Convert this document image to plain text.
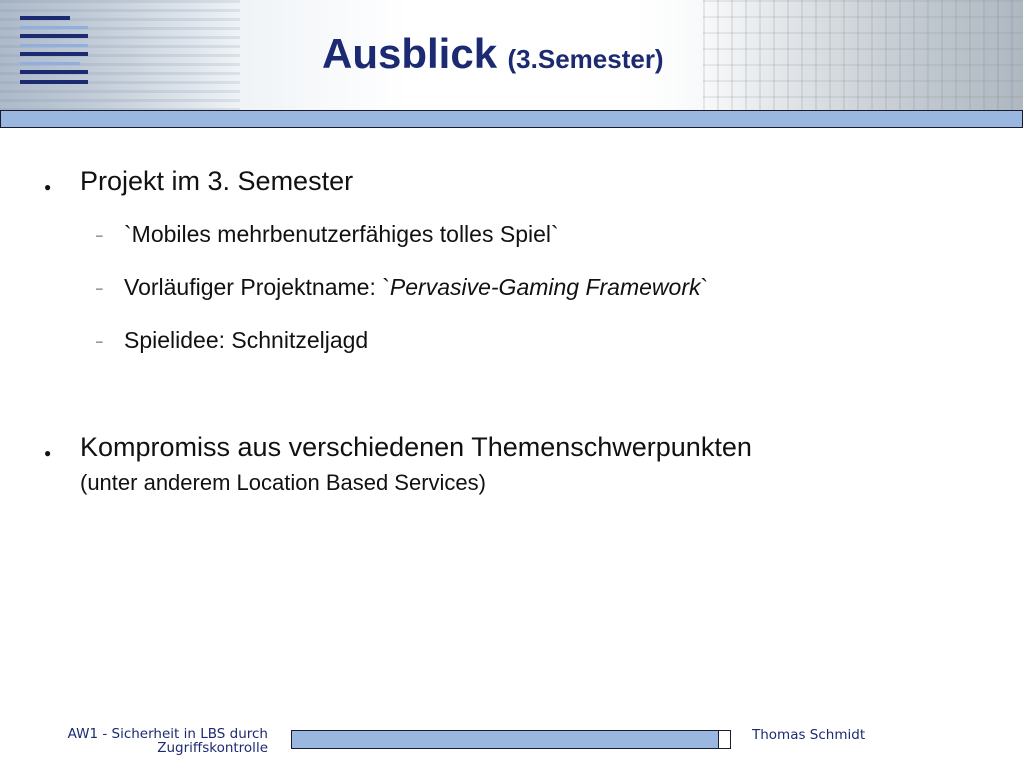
Ausblick (3.Semester)
● Projekt im 3. Semester
– `Mobiles mehrbenutzerfähiges tolles Spiel`
– Vorläufiger Projektname: `Pervasive-Gaming Framework`
– Spielidee: Schnitzeljagd
● Kompromiss aus verschiedenen Themenschwerpunkten
(unter anderem Location Based Services)
AW1 - Sicherheit in LBS durch
Zugriffskontrolle
Thomas Schmidt
